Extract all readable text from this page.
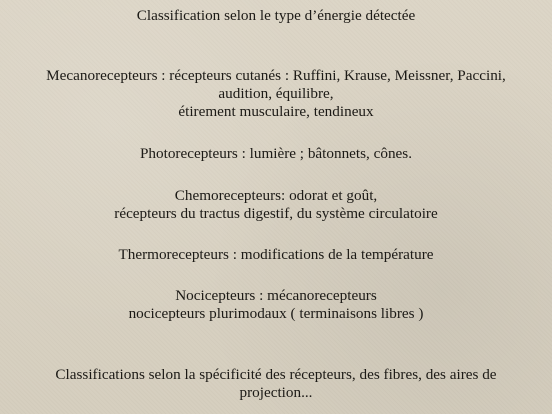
Classification selon le type d’énergie détectée
Mecanorecepteurs : récepteurs cutanés : Ruffini, Krause, Meissner, Paccini,
audition, équilibre,
étirement musculaire, tendineux
Photorecepteurs : lumière ; bâtonnets, cônes.
Chemorecepteurs: odorat et goût,
récepteurs du tractus digestif, du système circulatoire
Thermorecepteurs : modifications de la température
Nocicepteurs : mécanorecepteurs
nocicepteurs plurimodaux ( terminaisons libres )
Classifications selon la spécificité des récepteurs, des fibres, des aires de
projection...
